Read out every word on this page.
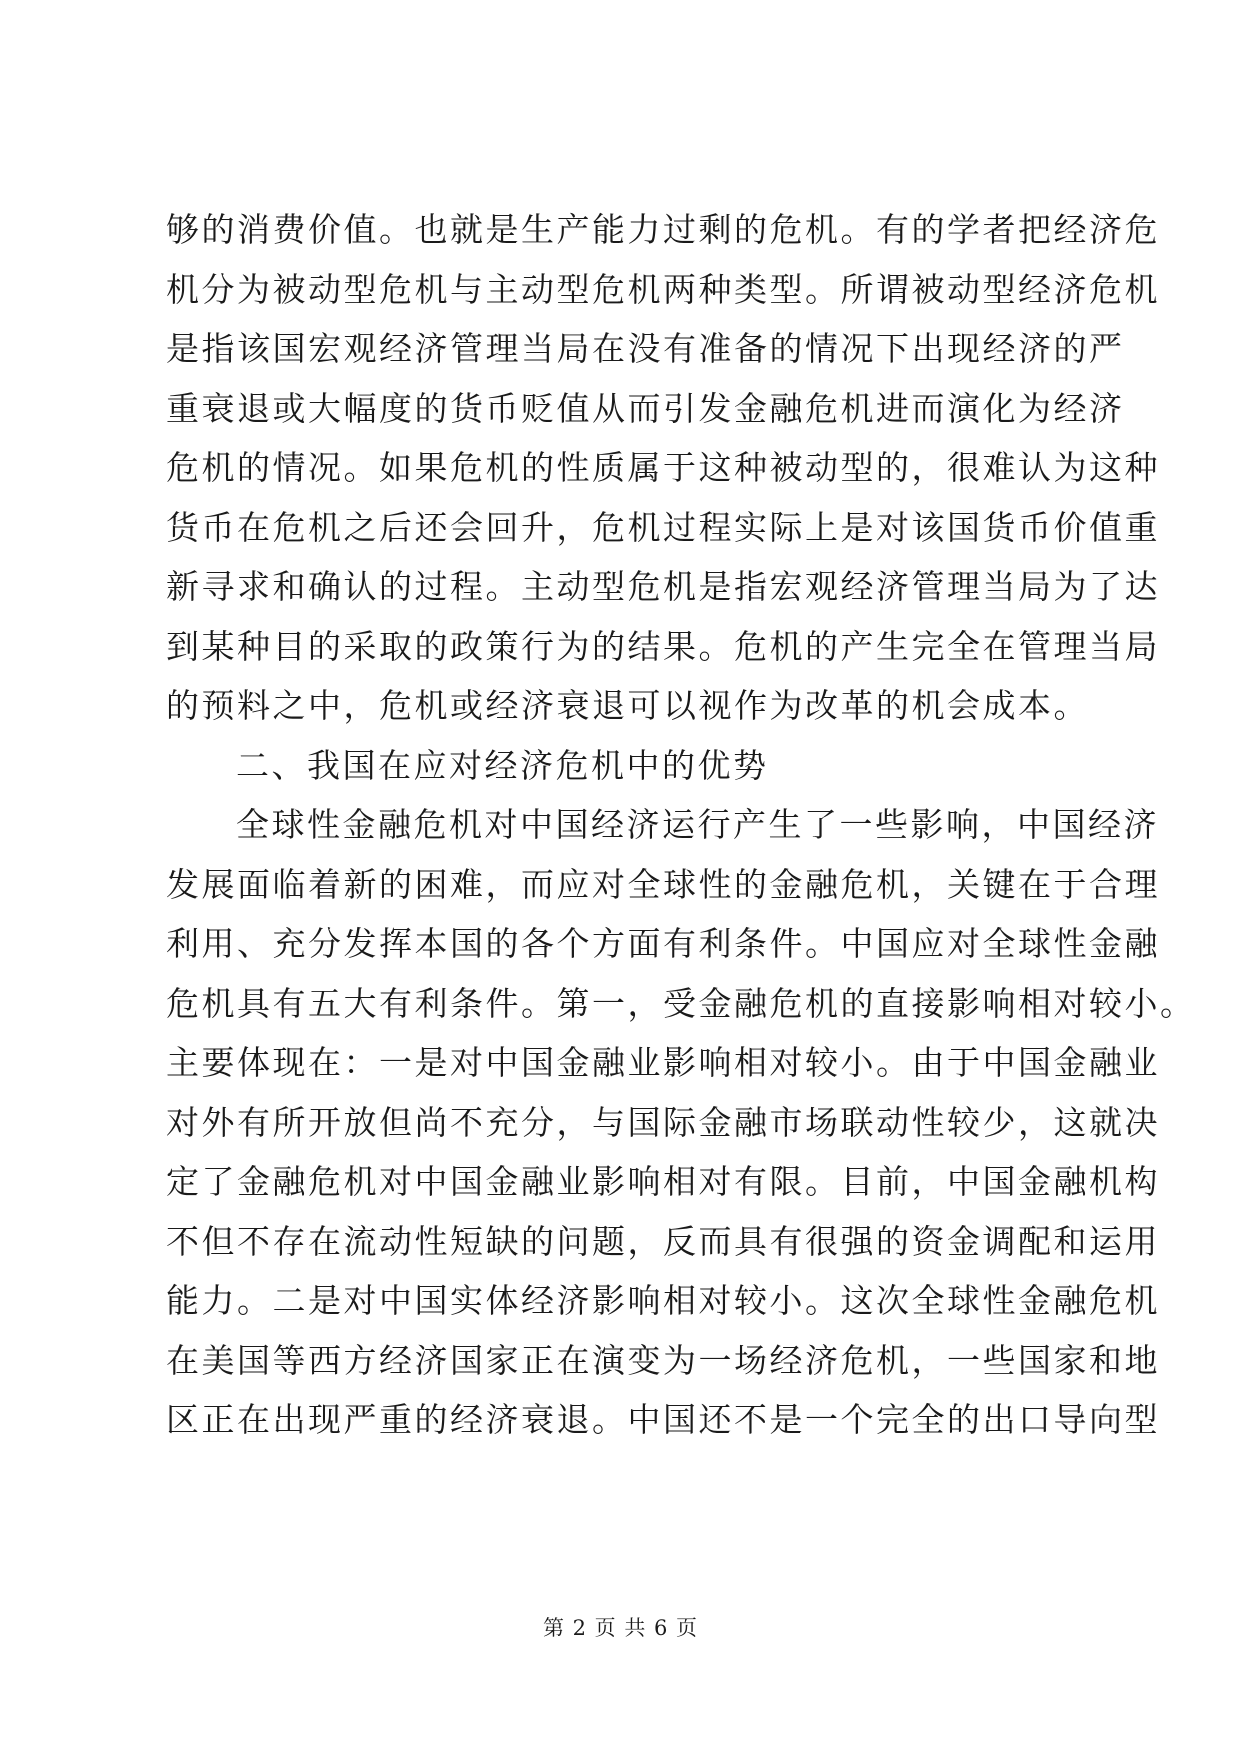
够的消费价值。也就是生产能力过剩的危机。有的学者把经济危
机分为被动型危机与主动型危机两种类型。所谓被动型经济危机
是指该国宏观经济管理当局在没有准备的情况下出现经济的严
重衰退或大幅度的货币贬值从而引发金融危机进而演化为经济
危机的情况。如果危机的性质属于这种被动型的，很难认为这种
货币在危机之后还会回升，危机过程实际上是对该国货币价值重
新寻求和确认的过程。主动型危机是指宏观经济管理当局为了达
到某种目的采取的政策行为的结果。危机的产生完全在管理当局
的预料之中，危机或经济衰退可以视作为改革的机会成本。
二、我国在应对经济危机中的优势
全球性金融危机对中国经济运行产生了一些影响，中国经济
发展面临着新的困难，而应对全球性的金融危机，关键在于合理
利用、充分发挥本国的各个方面有利条件。中国应对全球性金融
危机具有五大有利条件。第一，受金融危机的直接影响相对较小。
主要体现在：一是对中国金融业影响相对较小。由于中国金融业
对外有所开放但尚不充分，与国际金融市场联动性较少，这就决
定了金融危机对中国金融业影响相对有限。目前，中国金融机构
不但不存在流动性短缺的问题，反而具有很强的资金调配和运用
能力。二是对中国实体经济影响相对较小。这次全球性金融危机
在美国等西方经济国家正在演变为一场经济危机，一些国家和地
区正在出现严重的经济衰退。中国还不是一个完全的出口导向型
第 2 页 共 6 页
